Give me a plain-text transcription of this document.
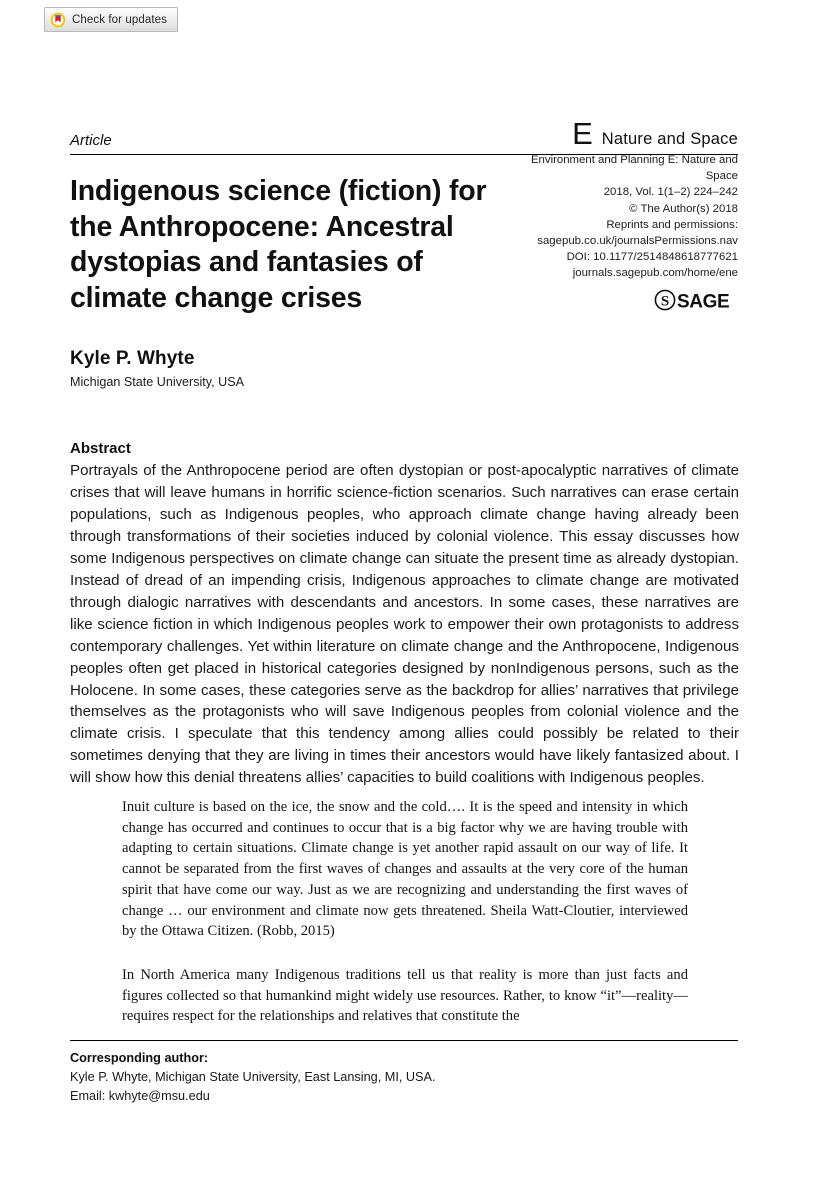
Check for updates
Article	E Nature and Space
Indigenous science (fiction) for the Anthropocene: Ancestral dystopias and fantasies of climate change crises
Environment and Planning E: Nature and Space
2018, Vol. 1(1–2) 224–242
© The Author(s) 2018
Reprints and permissions:
sagepub.co.uk/journalsPermissions.nav
DOI: 10.1177/2514848618777621
journals.sagepub.com/home/ene
S SAGE
Kyle P. Whyte
Michigan State University, USA
Abstract
Portrayals of the Anthropocene period are often dystopian or post-apocalyptic narratives of climate crises that will leave humans in horrific science-fiction scenarios. Such narratives can erase certain populations, such as Indigenous peoples, who approach climate change having already been through transformations of their societies induced by colonial violence. This essay discusses how some Indigenous perspectives on climate change can situate the present time as already dystopian. Instead of dread of an impending crisis, Indigenous approaches to climate change are motivated through dialogic narratives with descendants and ancestors. In some cases, these narratives are like science fiction in which Indigenous peoples work to empower their own protagonists to address contemporary challenges. Yet within literature on climate change and the Anthropocene, Indigenous peoples often get placed in historical categories designed by nonIndigenous persons, such as the Holocene. In some cases, these categories serve as the backdrop for allies’ narratives that privilege themselves as the protagonists who will save Indigenous peoples from colonial violence and the climate crisis. I speculate that this tendency among allies could possibly be related to their sometimes denying that they are living in times their ancestors would have likely fantasized about. I will show how this denial threatens allies’ capacities to build coalitions with Indigenous peoples.
Inuit culture is based on the ice, the snow and the cold…. It is the speed and intensity in which change has occurred and continues to occur that is a big factor why we are having trouble with adapting to certain situations. Climate change is yet another rapid assault on our way of life. It cannot be separated from the first waves of changes and assaults at the very core of the human spirit that have come our way. Just as we are recognizing and understanding the first waves of change … our environment and climate now gets threatened. Sheila Watt-Cloutier, interviewed by the Ottawa Citizen. (Robb, 2015)
In North America many Indigenous traditions tell us that reality is more than just facts and figures collected so that humankind might widely use resources. Rather, to know “it”—reality—requires respect for the relationships and relatives that constitute the
Corresponding author:
Kyle P. Whyte, Michigan State University, East Lansing, MI, USA.
Email: kwhyte@msu.edu
